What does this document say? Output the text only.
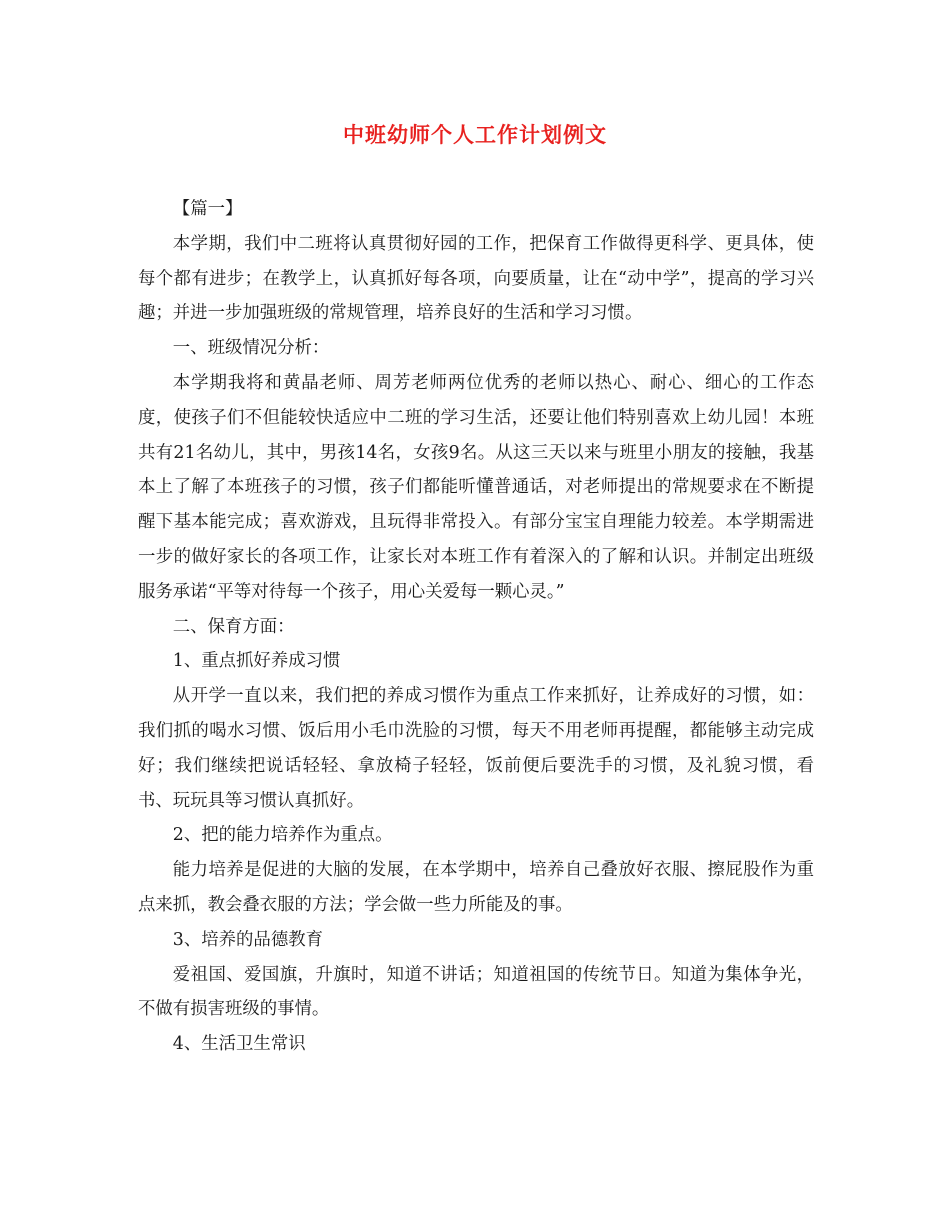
中班幼师个人工作计划例文

【篇一】

本学期，我们中二班将认真贯彻好园的工作，把保育工作做得更科学、更具体，使每个都有进步；在教学上，认真抓好每各项，向要质量，让在“动中学”，提高的学习兴趣；并进一步加强班级的常规管理，培养良好的生活和学习习惯。

一、班级情况分析：

本学期我将和黄晶老师、周芳老师两位优秀的老师以热心、耐心、细心的工作态度，使孩子们不但能较快适应中二班的学习生活，还要让他们特别喜欢上幼儿园！本班共有21名幼儿，其中，男孩14名，女孩9名。从这三天以来与班里小朋友的接触，我基本上了解了本班孩子的习惯，孩子们都能听懂普通话，对老师提出的常规要求在不断提醒下基本能完成；喜欢游戏，且玩得非常投入。有部分宝宝自理能力较差。本学期需进一步的做好家长的各项工作，让家长对本班工作有着深入的了解和认识。并制定出班级服务承诺“平等对待每一个孩子，用心关爱每一颗心灵。”

二、保育方面：

1、重点抓好养成习惯

从开学一直以来，我们把的养成习惯作为重点工作来抓好，让养成好的习惯，如：我们抓的喝水习惯、饭后用小毛巾洗脸的习惯，每天不用老师再提醒，都能够主动完成好；我们继续把说话轻轻、拿放椅子轻轻，饭前便后要洗手的习惯，及礼貌习惯，看书、玩玩具等习惯认真抓好。

2、把的能力培养作为重点。

能力培养是促进的大脑的发展，在本学期中，培养自己叠放好衣服、擦屁股作为重点来抓，教会叠衣服的方法；学会做一些力所能及的事。

3、培养的品德教育

爱祖国、爱国旗，升旗时，知道不讲话；知道祖国的传统节日。知道为集体争光，不做有损害班级的事情。

4、生活卫生常识
